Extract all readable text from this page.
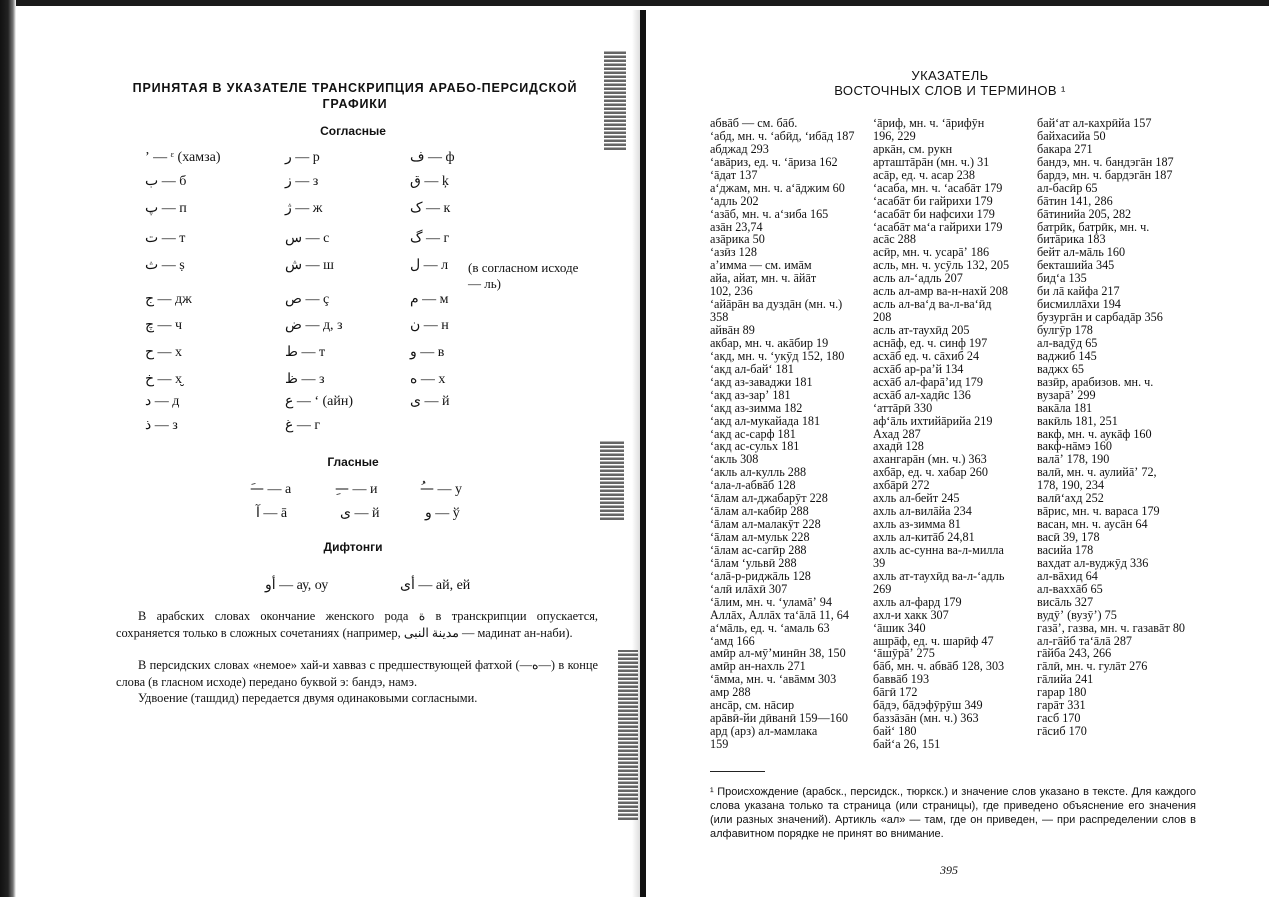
ПРИНЯТАЯ В УКАЗАТЕЛЕ ТРАНСКРИПЦИЯ АРАБО-ПЕРСИДСКОЙ
ГРАФИКИ
Согласные
ʼ — ᵋ (хамза)	ر — р	ف — ф
ب — б	ز — з	ق — ķ
پ — п	ژ — ж	ک — к
ت — т	س — с	گ — г
ث — ṣ	ش — ш	ل — л
ج — дж	ص — ç	م — м
چ — ч	ض — д, з	ن — н
ح — х	ط — т	و — в
خ — х̮	ظ — з	ه — х
د — д	ع — ʻ (айн)	ی — й
ذ — з	غ — г
(в согласном исходе — ль)
Гласные
—َ — а	—ِ — и	—ُ — у
آ — ā	ی — й	و — ў
Дифтонги
أو — ау, оу	أی — ай, ей
В арабских словах окончание женского рода ة в транскрипции опускается, сохраняется только в сложных сочетаниях (например, مدينة النبى — мадинат ан-наби).
В персидских словах «немое» хай-и хавваз с предшествующей фатхой (—ه—) в конце слова (в гласном исходе) передано буквой э: бандэ, намэ.
Удвоение (ташдид) передается двумя одинаковыми согласными.
УКАЗАТЕЛЬ
ВОСТОЧНЫХ СЛОВ И ТЕРМИНОВ ¹
абвāб — см. бāб.
ʻабд, мн. ч. ʻабӣд, ʻибāд 187
абджад 293
ʻавāриз, ед. ч. ʻāриза 162
ʻāдат 137
аʻджам, мн. ч. аʻāджим 60
ʻадль 202
ʻазāб, мн. ч. аʻзиба 165
азāн 23,74
азāрикa 50
ʻазӣз 128
аʼимма — см. имāм
айа, айат, мн. ч. āйāт
102, 236
ʻайāрāн ва дуздāн (мн. ч.)
358
айвāн 89
акбар, мн. ч. акāбир 19
ʻакд, мн. ч. ʻукӯд 152, 180
ʻакд ал-байʻ 181
ʻакд аз-заваджи 181
ʻакд аз-зарʼ 181
ʻакд аз-зимма 182
ʻакд ал-мукайада 181
ʻакд ас-сарф 181
ʻакд ас-сульх 181
ʻакль 308
ʻакль ал-кулль 288
ʻала-л-абвāб 128
ʻāлам ал-джабарӯт 228
ʻāлам ал-кабӣр 288
ʻāлам ал-малакӯт 228
ʻāлам ал-мульк 228
ʻāлам ас-сагӣр 288
ʻāлам ʻульвӣ 288
ʻалā-р-риджāль 128
ʻалӣ илāхӣ 307
ʻāлим, мн. ч. ʻуламāʼ 94
Аллāх, Аллāх таʻāлā 11, 64
аʻмāль, ед. ч. ʻамаль 63
ʻамд 166
амӣр ал-мӯʼминӣн 38, 150
амӣр ан-нахль 271
ʻāмма, мн. ч. ʻавāмм 303
амр 288
ансāр, см. нāсир
арāвӣ-йи дӣванӣ 159—160
ард (арз) ал-мамлака
159
ʻāриф, мн. ч. ʻāрифӯн
196, 229
аркāн, см. рукн
арташтāрāн (мн. ч.) 31
асāр, ед. ч. асар 238
ʻасаба, мн. ч. ʻасабāт 179
ʻасабāт би гайрихи 179
ʻасабāт би нафсихи 179
ʻасабāт маʻа гайрихи 179
асāс 288
асӣр, мн. ч. усарāʼ 186
асль, мн. ч. усӯль 132, 205
асль ал-ʻадль 207
асль ал-амр ва-н-нахй 208
асль ал-ваʻд ва-л-ваʻӣд
208
асль ат-таухӣд 205
аснāф, ед. ч. синф 197
асхāб ед. ч. сāхиб 24
асхāб ар-раʼй 134
асхāб ал-фарāʼид 179
асхāб ал-хадӣс 136
ʻаттāрӣ 330
афʻāль ихтийāрийа 219
Ахад 287
ахадӣ 128
ахангарāн (мн. ч.) 363
ахбāр, ед. ч. хабар 260
ахбāрӣ 272
ахль ал-бейт 245
ахль ал-вилāйа 234
ахль аз-зимма 81
ахль ал-китāб 24,81
ахль ас-сунна ва-л-милла
39
ахль ат-таухӣд ва-л-ʻадль
269
ахль ал-фард 179
ахл-и хакк 307
ʻāшик 340
ашрāф, ед. ч. шарӣф 47
ʻāшӯрāʼ 275
бāб, мн. ч. абвāб 128, 303
баввāб 193
бāгӣ 172
бāдэ, бāдэфӯрӯш 349
баззāзāн (мн. ч.) 363
байʻ 180
байʻа 26, 151
байʻат ал-кахрӣйа 157
байхасийа 50
бакара 271
бандэ, мн. ч. бандэгāн 187
бардэ, мн. ч. бардэгāн 187
ал-басӣр 65
бāтин 141, 286
бāтинийа 205, 282
батрӣк, батрӣк, мн. ч.
битāрика 183
бейт ал-мāль 160
бекташийа 345
бидʻа 135
би лā кайфа 217
бисмиллāхи 194
бузургāн и сарбадāр 356
булгӯр 178
ал-вадӯд 65
ваджиб 145
ваджх 65
вазӣр, арабизов. мн. ч.
вузарāʼ 299
вакāла 181
вакӣль 181, 251
вакф, мн. ч. аукāф 160
вакф-нāмэ 160
валāʼ 178, 190
валӣ, мн. ч. аулийāʼ 72,
178, 190, 234
валӣʻахд 252
вāрис, мн. ч. вараса 179
васан, мн. ч. аусāн 64
васӣ 39, 178
васийа 178
вахдат ал-вуджӯд 336
ал-вāхид 64
ал-ваххāб 65
висāль 327
вудӯʼ (вузӯʼ) 75
газāʼ, газва, мн. ч. газавāт 80
ал-гāйб таʻāлā 287
гāйба 243, 266
гāлӣ, мн. ч. гулāт 276
гāлийа 241
гарар 180
гарāт 331
гасб 170
гāсиб 170
¹ Происхождение (арабск., персидск., тюркск.) и значение слов указано в тексте. Для каждого слова указана только та страница (или страницы), где приведено объяснение его значения (или разных значений). Артикль «ал» — там, где он приведен, — при распределении слов в алфавитном порядке не принят во внимание.
395
